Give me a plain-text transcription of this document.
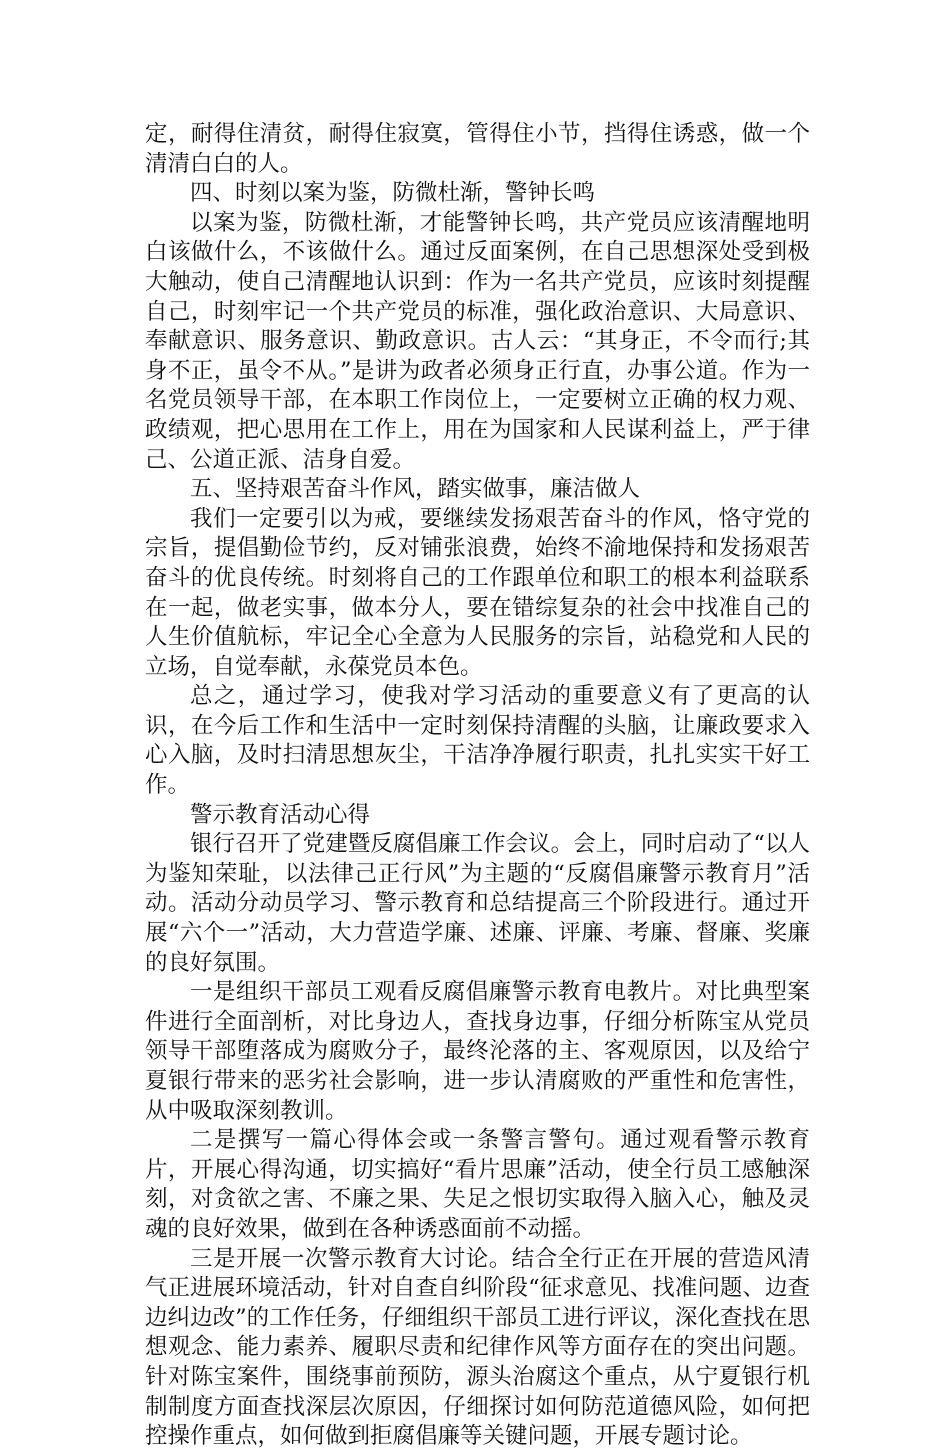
定，耐得住清贫，耐得住寂寞，管得住小节，挡得住诱惑，做一个清清白白的人。

四、时刻以案为鉴，防微杜渐，警钟长鸣

以案为鉴，防微杜渐，才能警钟长鸣，共产党员应该清醒地明白该做什么，不该做什么。通过反面案例，在自己思想深处受到极大触动，使自己清醒地认识到：作为一名共产党员，应该时刻提醒自己，时刻牢记一个共产党员的标准，强化政治意识、大局意识、奉献意识、服务意识、勤政意识。古人云：“其身正，不令而行;其身不正，虽令不从。”是讲为政者必须身正行直，办事公道。作为一名党员领导干部，在本职工作岗位上，一定要树立正确的权力观、政绩观，把心思用在工作上，用在为国家和人民谋利益上，严于律己、公道正派、洁身自爱。

五、坚持艰苦奋斗作风，踏实做事，廉洁做人

我们一定要引以为戒，要继续发扬艰苦奋斗的作风，恪守党的宗旨，提倡勤俭节约，反对铺张浪费，始终不渝地保持和发扬艰苦奋斗的优良传统。时刻将自己的工作跟单位和职工的根本利益联系在一起，做老实事，做本分人，要在错综复杂的社会中找准自己的人生价值航标，牢记全心全意为人民服务的宗旨，站稳党和人民的立场，自觉奉献，永葆党员本色。

总之，通过学习，使我对学习活动的重要意义有了更高的认识，在今后工作和生活中一定时刻保持清醒的头脑，让廉政要求入心入脑，及时扫清思想灰尘，干洁净净履行职责，扎扎实实干好工作。

警示教育活动心得

银行召开了党建暨反腐倡廉工作会议。会上，同时启动了“以人为鉴知荣耻，以法律己正行风”为主题的“反腐倡廉警示教育月”活动。活动分动员学习、警示教育和总结提高三个阶段进行。通过开展“六个一”活动，大力营造学廉、述廉、评廉、考廉、督廉、奖廉的良好氛围。

一是组织干部员工观看反腐倡廉警示教育电教片。对比典型案件进行全面剖析，对比身边人，查找身边事，仔细分析陈宝从党员领导干部堕落成为腐败分子，最终沦落的主、客观原因，以及给宁夏银行带来的恶劣社会影响，进一步认清腐败的严重性和危害性，从中吸取深刻教训。

二是撰写一篇心得体会或一条警言警句。通过观看警示教育片，开展心得沟通，切实搞好“看片思廉”活动，使全行员工感触深刻，对贪欲之害、不廉之果、失足之恨切实取得入脑入心，触及灵魂的良好效果，做到在各种诱惑面前不动摇。

三是开展一次警示教育大讨论。结合全行正在开展的营造风清气正进展环境活动，针对自查自纠阶段“征求意见、找准问题、边查边纠边改”的工作任务，仔细组织干部员工进行评议，深化查找在思想观念、能力素养、履职尽责和纪律作风等方面存在的突出问题。针对陈宝案件，围绕事前预防，源头治腐这个重点，从宁夏银行机制制度方面查找深层次原因，仔细探讨如何防范道德风险，如何把控操作重点，如何做到拒腐倡廉等关键问题，开展专题讨论。
